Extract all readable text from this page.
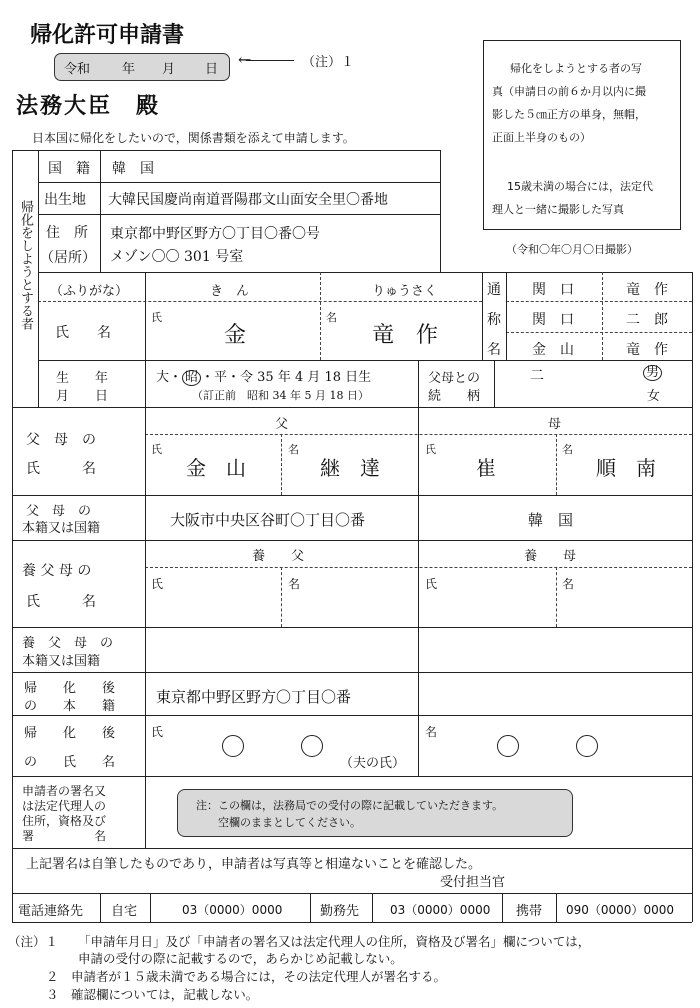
帰化許可申請書
令和 年 月 日
←	（注）１
法務大臣　殿
日本国に帰化をしたいので，関係書類を添えて申請します。
帰化をしようとする者の写
真（申請日の前６か月以内に撮
影した５㎝正方の単身，無帽，
正面上半身のもの）
15歳未満の場合には，法定代
理人と一緒に撮影した写真
（令和〇年〇月〇日撮影）
帰化をしようとする者
国　籍 韓　国
出生地 大韓民国慶尚南道晋陽郡文山面安全里〇番地
住　所
（居所）
東京都中野区野方〇丁目〇番〇号
メゾン〇〇 301 号室
（ふりがな）	き　ん	りゅうさく
氏　　名
氏
金
名
竜　作
通
称
名
関　口	竜　作
関　口	二　郎
金　山	竜　作
生　　年
月　　日
大・ 昭 ・平・令 35 年 4 月 18 日生
（訂正前　昭和 34 年 5 月 18 日）
父母との
続　　柄
二	男
女
父　母　の
氏　　　名
父	母
氏	名	氏	名
金　山	継　達	崔	順　南
父　母　の
本籍又は国籍	大阪市中央区谷町〇丁目〇番	韓　国
養 父 母 の
氏　　　名
養　　父	養　　母
氏	名	氏	名
養　父　母　の
本籍又は国籍
帰　　化　　後
の　　本　　籍
東京都中野区野方〇丁目〇番
帰　　化　　後
の　　氏　　名
氏	名
（夫の氏）
申請者の署名又
は法定代理人の
住所，資格及び
署　　　　　名
注：この欄は，法務局での受付の際に記載していただきます。
空欄のままとしてください。
上記署名は自筆したものであり，申請者は写真等と相違ないことを確認した。
受付担当官
電話連絡先 自宅	03（0000）0000	勤務先	03（0000）0000 携帯 090（0000）0000
（注）１ 「申請年月日」及び「申請者の署名又は法定代理人の住所，資格及び署名」欄については，
申請の受付の際に記載するので，あらかじめ記載しない。
２　申請者が１５歳未満である場合には，その法定代理人が署名する。
３　確認欄については，記載しない。
